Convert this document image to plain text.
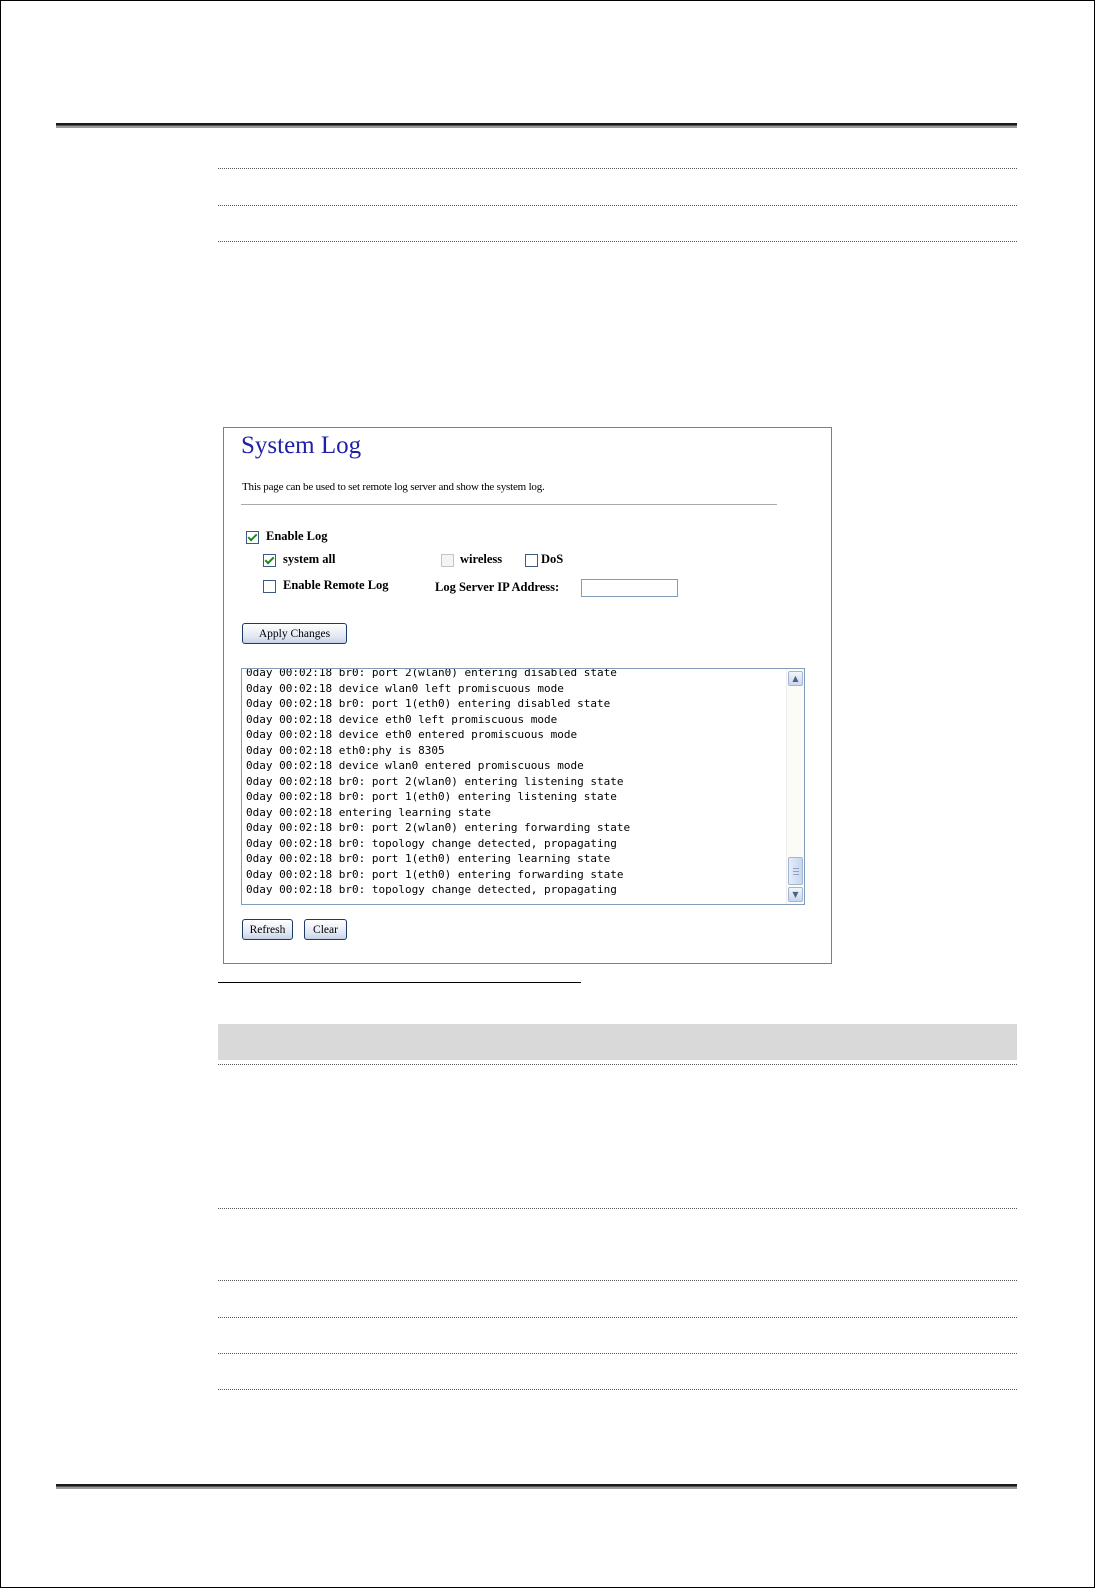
System Log
This page can be used to set remote log server and show the system log.
Enable Log
system all	wireless	DoS
Enable Remote Log	Log Server IP Address:
Apply Changes
0day 00:02:18 br0: port 2(wlan0) entering disabled state
0day 00:02:18 device wlan0 left promiscuous mode
0day 00:02:18 br0: port 1(eth0) entering disabled state
0day 00:02:18 device eth0 left promiscuous mode
0day 00:02:18 device eth0 entered promiscuous mode
0day 00:02:18 eth0:phy is 8305
0day 00:02:18 device wlan0 entered promiscuous mode
0day 00:02:18 br0: port 2(wlan0) entering listening state
0day 00:02:18 br0: port 1(eth0) entering listening state
0day 00:02:18 entering learning state
0day 00:02:18 br0: port 2(wlan0) entering forwarding state
0day 00:02:18 br0: topology change detected, propagating
0day 00:02:18 br0: port 1(eth0) entering learning state
0day 00:02:18 br0: port 1(eth0) entering forwarding state
0day 00:02:18 br0: topology change detected, propagating
▲
▼
Refresh	Clear
